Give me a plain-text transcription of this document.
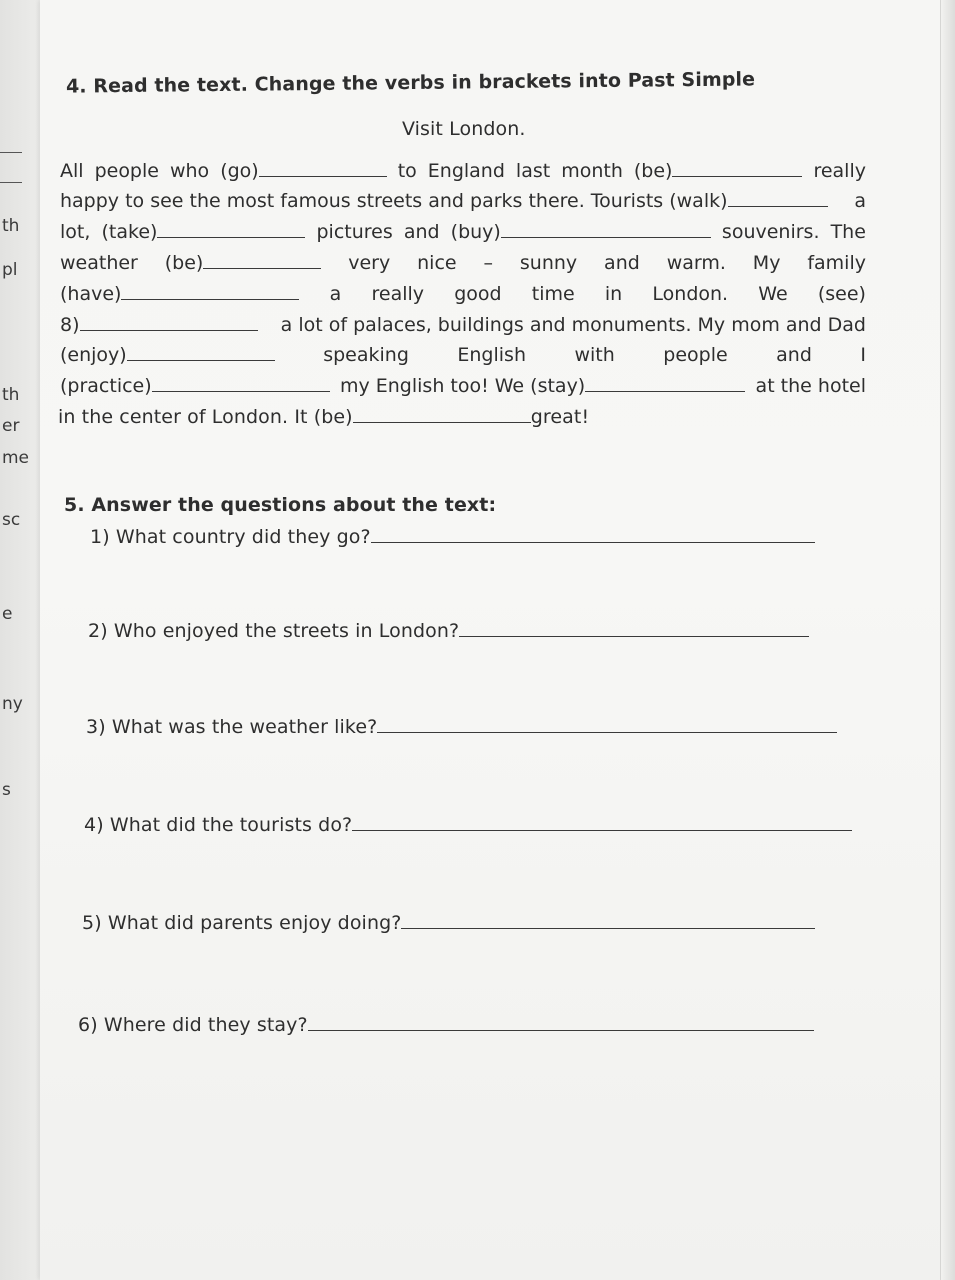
th
pl
th
er
me
sc
e
ny
s
4. Read the text. Change the verbs in brackets into Past Simple
Visit London.
All people who (go)	to England last month (be)	really
happy to see the most famous streets and parks there. Tourists (walk)	a
lot, (take)	pictures and (buy)	souvenirs. The
weather (be)	very nice – sunny and warm. My family
(have)	a really good time in London. We (see)
8)	a lot of palaces, buildings and monuments. My mom and Dad
(enjoy)	speaking	English	with	people	and	I
(practice)	my English too! We (stay)	at the hotel
in the center of London. It (be)	great!
5. Answer the questions about the text:
1) What country did they go?
2) Who enjoyed the streets in London?
3) What was the weather like?
4) What did the tourists do?
5) What did parents enjoy doing?
6) Where did they stay?
